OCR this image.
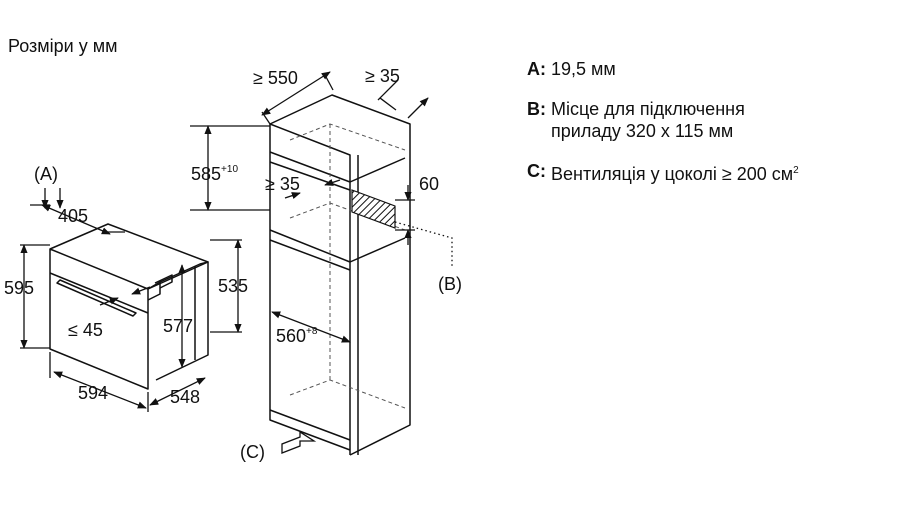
Розміри у мм
(A)
405
595
≤ 45	577
535
594	548
≥ 550	≥ 35
$585^{+10}$
≥ 35	60
$560^{+8}$
(B)
(C)
A: 19,5 мм
B: Місце для підключення
приладу 320 x 115 мм
C: Вентиляція у цоколі ≥ 200 $см^2$
